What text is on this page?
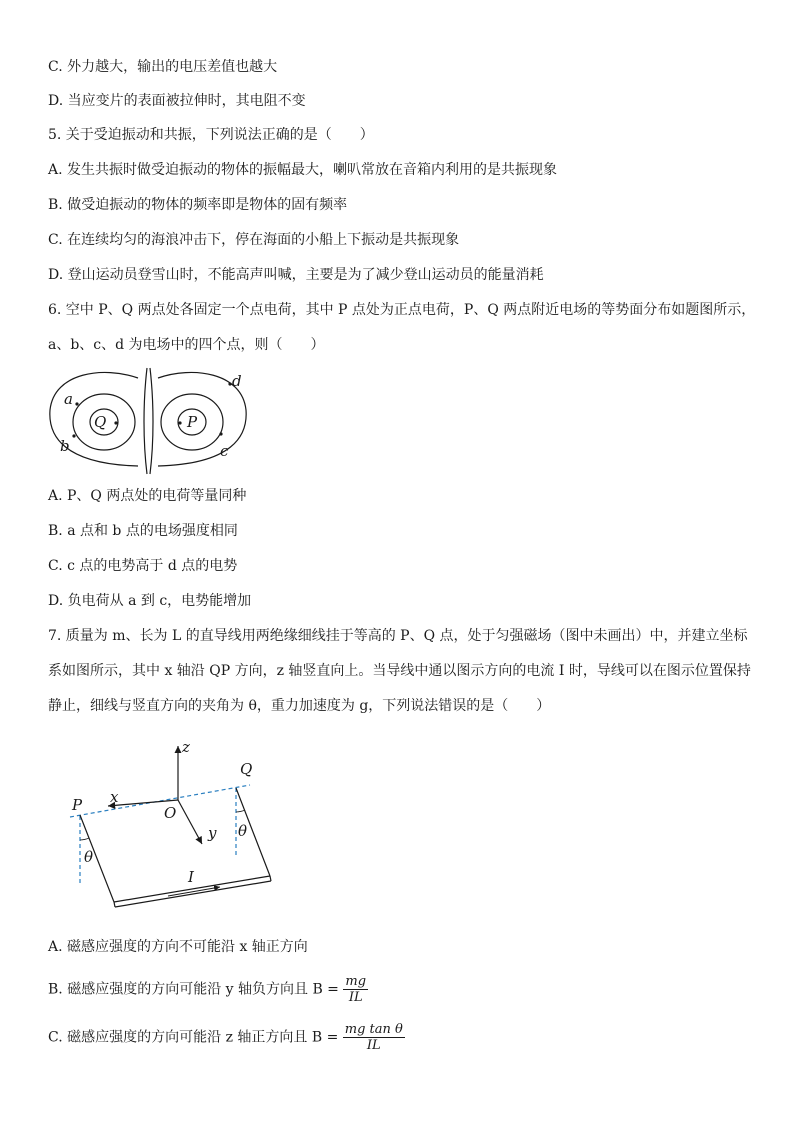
C. 外力越大，输出的电压差值也越大
D. 当应变片的表面被拉伸时，其电阻不变
5. 关于受迫振动和共振，下列说法正确的是（　　）
A. 发生共振时做受迫振动的物体的振幅最大，喇叭常放在音箱内利用的是共振现象
B. 做受迫振动的物体的频率即是物体的固有频率
C. 在连续均匀的海浪冲击下，停在海面的小船上下振动是共振现象
D. 登山运动员登雪山时，不能高声叫喊，主要是为了减少登山运动员的能量消耗
6. 空中 P、Q 两点处各固定一个点电荷，其中 P 点处为正点电荷，P、Q 两点附近电场的等势面分布如题图所示，
a、b、c、d 为电场中的四个点，则（　　）
Q	P
a
b	c
d
A. P、Q 两点处的电荷等量同种
B. a 点和 b 点的电场强度相同
C. c 点的电势高于 d 点的电势
D. 负电荷从 a 到 c，电势能增加
7. 质量为 m、长为 L 的直导线用两绝缘细线挂于等高的 P、Q 点，处于匀强磁场（图中未画出）中，并建立坐标
系如图所示，其中 x 轴沿 QP 方向，z 轴竖直向上。当导线中通以图示方向的电流 I 时，导线可以在图示位置保持
静止，细线与竖直方向的夹角为 θ，重力加速度为 g，下列说法错误的是（　　）
z
Q
P x
O
y
θ
θ
I
A. 磁感应强度的方向不可能沿 x 轴正方向
B. 磁感应强度的方向可能沿 y 轴负方向且 $B = \frac{mg}{IL}$
C. 磁感应强度的方向可能沿 z 轴正方向且 $B = \frac{\text{mg tan θ}}{IL}$
